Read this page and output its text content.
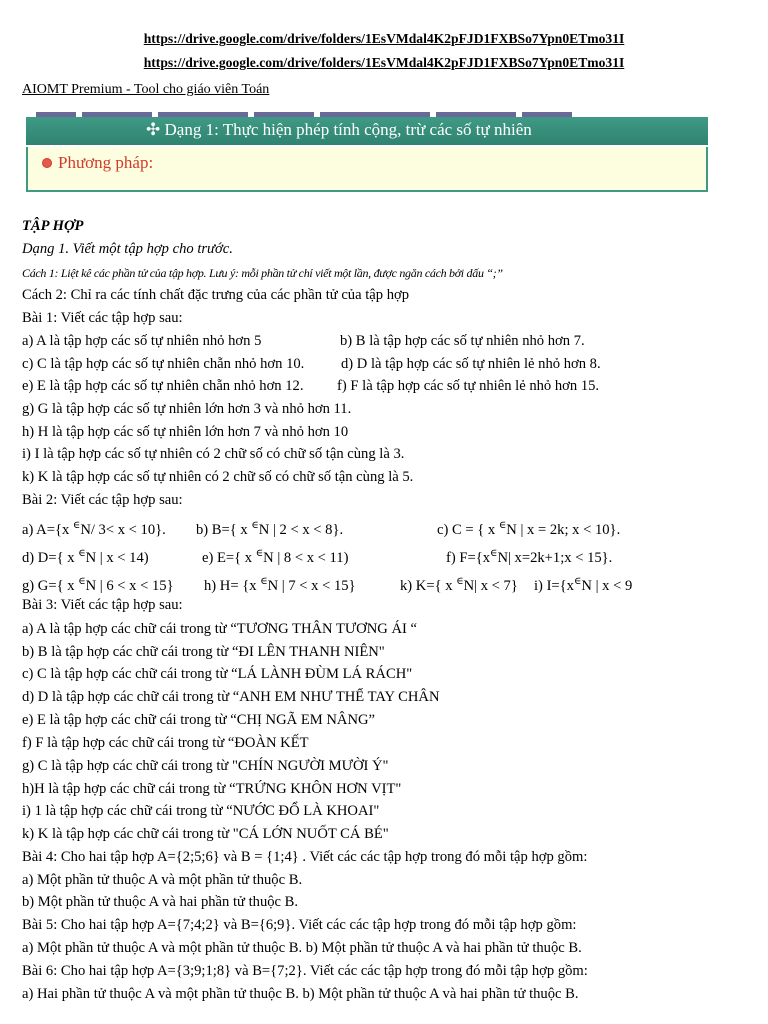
https://drive.google.com/drive/folders/1EsVMdal4K2pFJD1FXBSo7Ypn0ETmo31I
https://drive.google.com/drive/folders/1EsVMdal4K2pFJD1FXBSo7Ypn0ETmo31I
AIOMT Premium - Tool cho giáo viên Toán
✣ Dạng 1: Thực hiện phép tính cộng, trừ các số tự nhiên
Phương pháp:
TẬP HỢP
Dạng 1. Viết một tập hợp cho trước.
Cách 1: Liệt kê các phần tử của tập hợp. Lưu ý: mỗi phần tử chỉ viết một lần, được ngăn cách bởi dấu “;”
Cách 2: Chỉ ra các tính chất đặc trưng của các phần tử của tập hợp
Bài 1: Viết các tập hợp sau:
a) A là tập hợp các số tự nhiên nhỏ hơn 5	b) B là tập hợp các số tự nhiên nhỏ hơn 7.
c) C là tập hợp các số tự nhiên chẵn nhỏ hơn 10.	d) D là tập hợp các số tự nhiên lẻ nhỏ hơn 8.
e) E là tập hợp các số tự nhiên chẵn nhỏ hơn 12. f) F là tập hợp các số tự nhiên lẻ nhỏ hơn 15.
g) G là tập hợp các số tự nhiên lớn hơn 3 và nhỏ hơn 11.
h) H là tập hợp các số tự nhiên lớn hơn 7 và nhỏ hơn 10
i) I là tập hợp các số tự nhiên có 2 chữ số có chữ số tận cùng là 3.
k) K là tập hợp các số tự nhiên có 2 chữ số có chữ số tận cùng là 5.
Bài 2: Viết các tập hợp sau:
a) A={x ∈N/ 3< x < 10}. b) B={ x ∈N | 2 < x < 8}.	c) C = { x ∈N | x = 2k; x < 10}.
d) D={ x ∈N | x < 14)	e) E={ x ∈N | 8 < x < 11)	f) F={x∈N| x=2k+1;x < 15}.
g) G={ x ∈N | 6 < x < 15} h) H= {x ∈N | 7 < x < 15}	k) K={ x ∈N| x < 7} i) I={x∈N | x < 9
Bài 3: Viết các tập hợp sau:
a) A là tập hợp các chữ cái trong từ “TƯƠNG THÂN TƯƠNG ÁI “
b) B là tập hợp các chữ cái trong từ “ĐI LÊN THANH NIÊN"
c) C là tập hợp các chữ cái trong từ “LÁ LÀNH ĐÙM LÁ RÁCH"
d) D là tập hợp các chữ cái trong từ “ANH EM NHƯ THỂ TAY CHÂN
e) E là tập hợp các chữ cái trong từ “CHỊ NGÃ EM NÂNG”
f) F là tập hợp các chữ cái trong từ “ĐOÀN KẾT
g) C là tập hợp các chữ cái trong từ "CHÍN NGƯỜI MƯỜI Ý"
h)H là tập hợp các chữ cái trong từ “TRỨNG KHÔN HƠN VỊT"
i) 1 là tập hợp các chữ cái trong từ “NƯỚC ĐỔ LÀ KHOAI"
k) K là tập hợp các chữ cái trong từ "CÁ LỚN NUỐT CÁ BÉ"
Bài 4: Cho hai tập hợp A={2;5;6} và B = {1;4} . Viết các các tập hợp trong đó mỗi tập hợp gồm:
a) Một phần tử thuộc A và một phần tử thuộc B.
b) Một phần tử thuộc A và hai phần tử thuộc B.
Bài 5: Cho hai tập hợp A={7;4;2} và B={6;9}. Viết các các tập hợp trong đó mỗi tập hợp gồm:
a) Một phần tử thuộc A và một phần tử thuộc B. b) Một phần tử thuộc A và hai phần tử thuộc B.
Bài 6: Cho hai tập hợp A={3;9;1;8} và B={7;2}. Viết các các tập hợp trong đó mỗi tập hợp gồm:
a) Hai phần tử thuộc A và một phần tử thuộc B. b) Một phần tử thuộc A và hai phần tử thuộc B.
